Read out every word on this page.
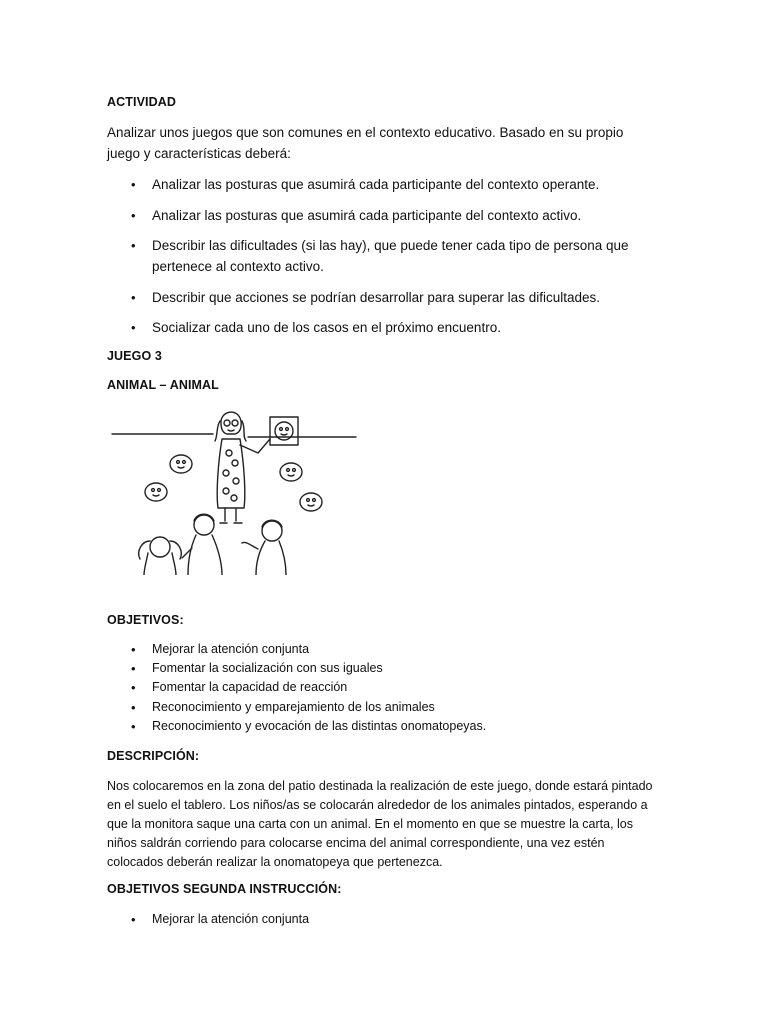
ACTIVIDAD

Analizar unos juegos que son comunes en el contexto educativo. Basado en su propio juego y características deberá:

• Analizar las posturas que asumirá cada participante del contexto operante.
• Analizar las posturas que asumirá cada participante del contexto activo.
• Describir las dificultades (si las hay), que puede tener cada tipo de persona que pertenece al contexto activo.
• Describir que acciones se podrían desarrollar para superar las dificultades.
• Socializar cada uno de los casos en el próximo encuentro.

JUEGO 3

ANIMAL – ANIMAL

OBJETIVOS:

• Mejorar la atención conjunta
• Fomentar la socialización con sus iguales
• Fomentar la capacidad de reacción
• Reconocimiento y emparejamiento de los animales
• Reconocimiento y evocación de las distintas onomatopeyas.

DESCRIPCIÓN:

Nos colocaremos en la zona del patio destinada la realización de este juego, donde estará pintado en el suelo el tablero. Los niños/as se colocarán alrededor de los animales pintados, esperando a que la monitora saque una carta con un animal. En el momento en que se muestre la carta, los niños saldrán corriendo para colocarse encima del animal correspondiente, una vez estén colocados deberán realizar la onomatopeya que pertenezca.

OBJETIVOS SEGUNDA INSTRUCCIÓN:

• Mejorar la atención conjunta
